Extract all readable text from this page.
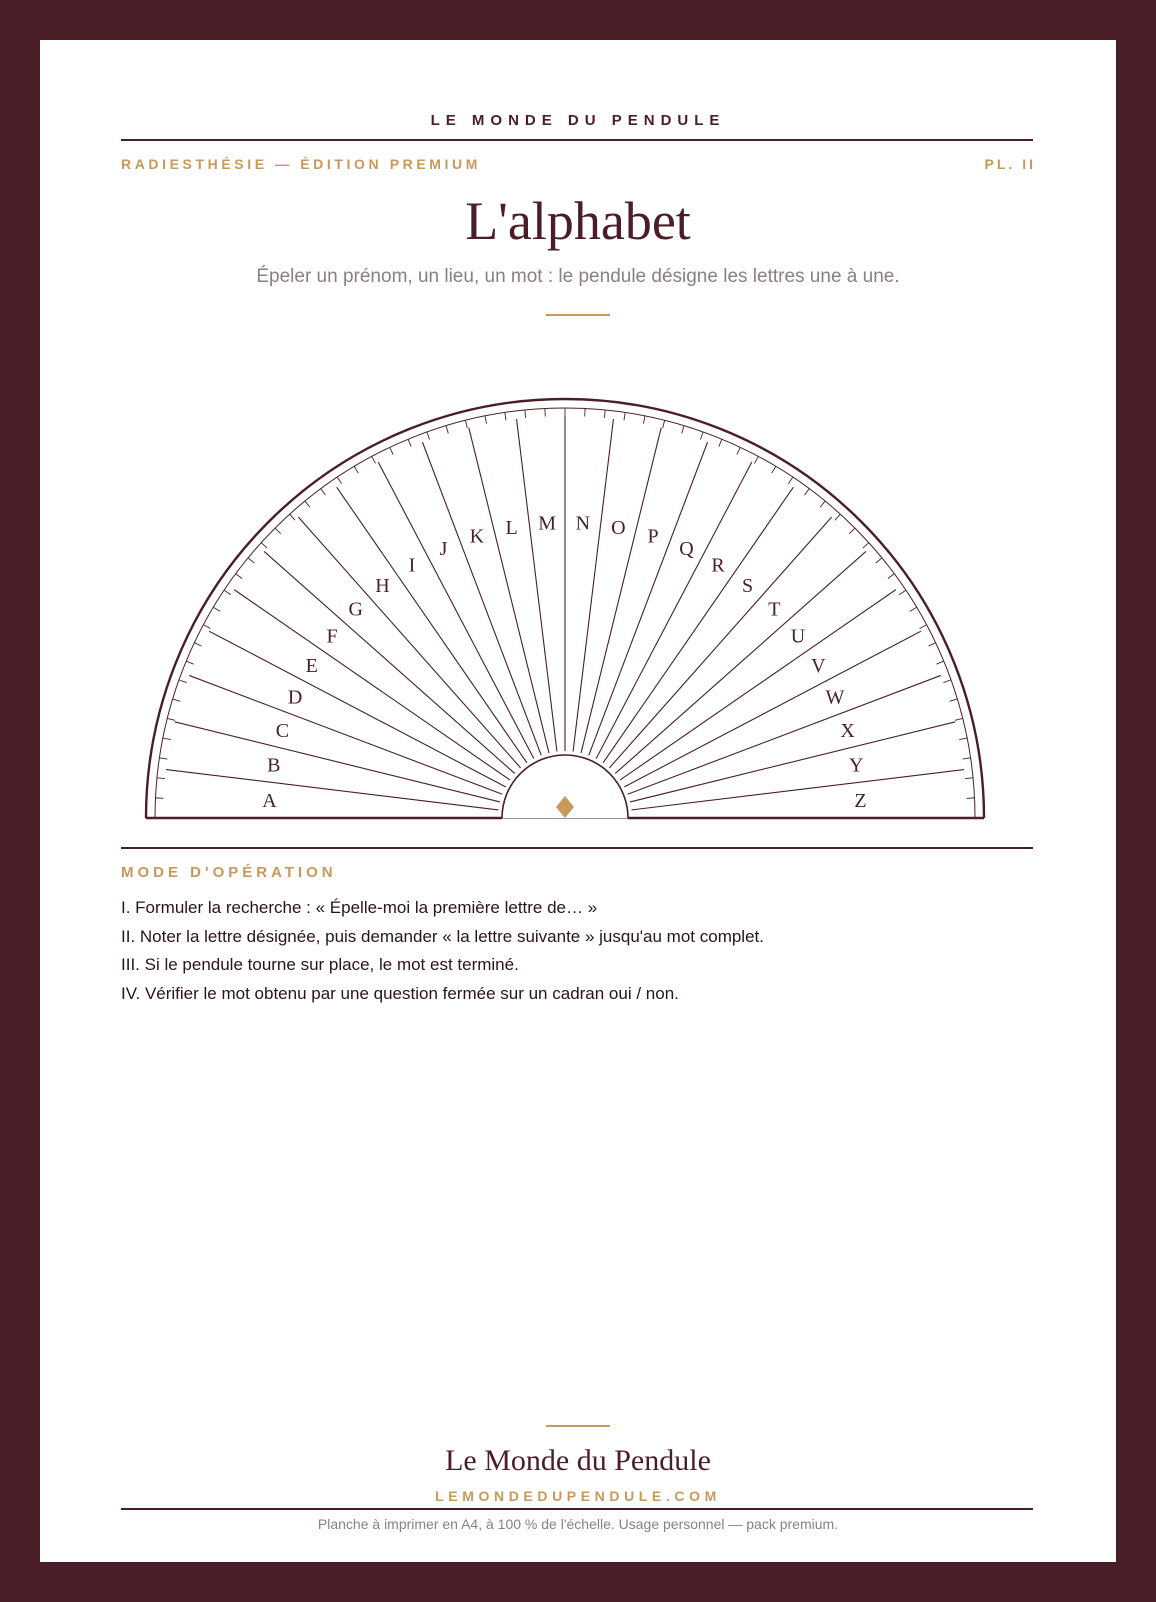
LE MONDE DU PENDULE
RADIESTHÉSIE — ÉDITION PREMIUM	PL. II
L'alphabet
Épeler un prénom, un lieu, un mot : le pendule désigne les lettres une à une.
A
B
C
D
E
F
G
H
I
J
K L M N O P
Q
R
S
T
U
V
W
X
Y
Z
MODE D'OPÉRATION
I. Formuler la recherche : « Épelle-moi la première lettre de… »
II. Noter la lettre désignée, puis demander « la lettre suivante » jusqu'au mot complet.
III. Si le pendule tourne sur place, le mot est terminé.
IV. Vérifier le mot obtenu par une question fermée sur un cadran oui / non.
Le Monde du Pendule
LEMONDEDUPENDULE.COM
Planche à imprimer en A4, à 100 % de l'échelle. Usage personnel — pack premium.
